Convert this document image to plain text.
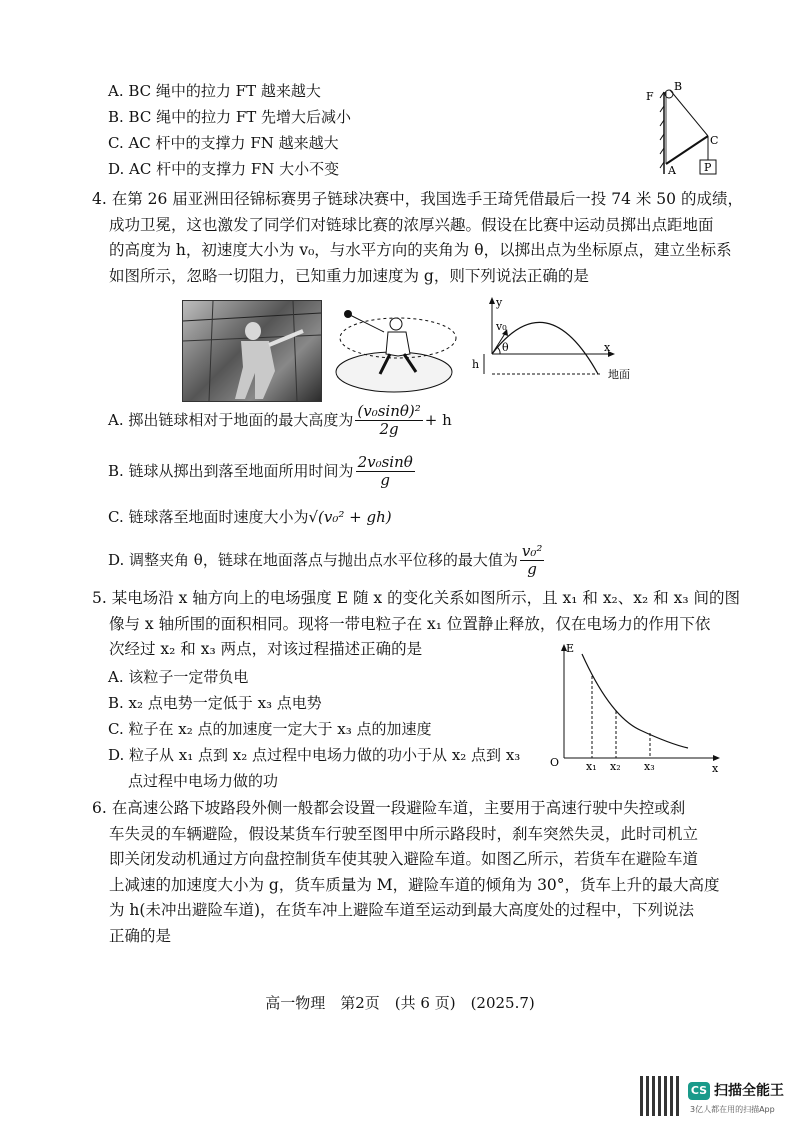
A. BC 绳中的拉力 FT 越来越大
B. BC 绳中的拉力 FT 先增大后减小
C. AC 杆中的支撑力 FN 越来越大
D. AC 杆中的支撑力 FN 大小不变
F
B
C
A	P
4. 在第 26 届亚洲田径锦标赛男子链球决赛中，我国选手王琦凭借最后一投 74 米 50 的成绩，
成功卫冕，这也激发了同学们对链球比赛的浓厚兴趣。假设在比赛中运动员掷出点距地面
的高度为 h，初速度大小为 v₀，与水平方向的夹角为 θ，以掷出点为坐标原点，建立坐标系
如图所示，忽略一切阻力，已知重力加速度为 g，则下列说法正确的是
y
x
v₀
θ
h
地面
A. 掷出链球相对于地面的最大高度为 $\frac{\text{(v₀sinθ)²}}{2g} + h$
B. 链球从掷出到落至地面所用时间为 $\frac{\text{2v₀sinθ}}{g}$
C. 链球落至地面时速度大小为√(v₀² + gh)
D. 调整夹角 θ，链球在地面落点与抛出点水平位移的最大值为 $\frac{\text{v₀²}}{g}$
5. 某电场沿 x 轴方向上的电场强度 E 随 x 的变化关系如图所示，且 x₁ 和 x₂、x₂ 和 x₃ 间的图
像与 x 轴所围的面积相同。现将一带电粒子在 x₁ 位置静止释放，仅在电场力的作用下依
次经过 x₂ 和 x₃ 两点，对该过程描述正确的是
A. 该粒子一定带负电
B. x₂ 点电势一定低于 x₃ 点电势
C. 粒子在 x₂ 点的加速度一定大于 x₃ 点的加速度
D. 粒子从 x₁ 点到 x₂ 点过程中电场力做的功小于从 x₂ 点到 x₃
点过程中电场力做的功
E
O	x
x₁ x₂ x₃
6. 在高速公路下坡路段外侧一般都会设置一段避险车道，主要用于高速行驶中失控或刹
车失灵的车辆避险，假设某货车行驶至图甲中所示路段时，刹车突然失灵，此时司机立
即关闭发动机通过方向盘控制货车使其驶入避险车道。如图乙所示，若货车在避险车道
上减速的加速度大小为 g，货车质量为 M，避险车道的倾角为 30°，货车上升的最大高度
为 h(未冲出避险车道)，在货车冲上避险车道至运动到最大高度处的过程中，下列说法
正确的是
高一物理　第2页　(共 6 页)　(2025.7)
CS 扫描全能王
3亿人都在用的扫描App
